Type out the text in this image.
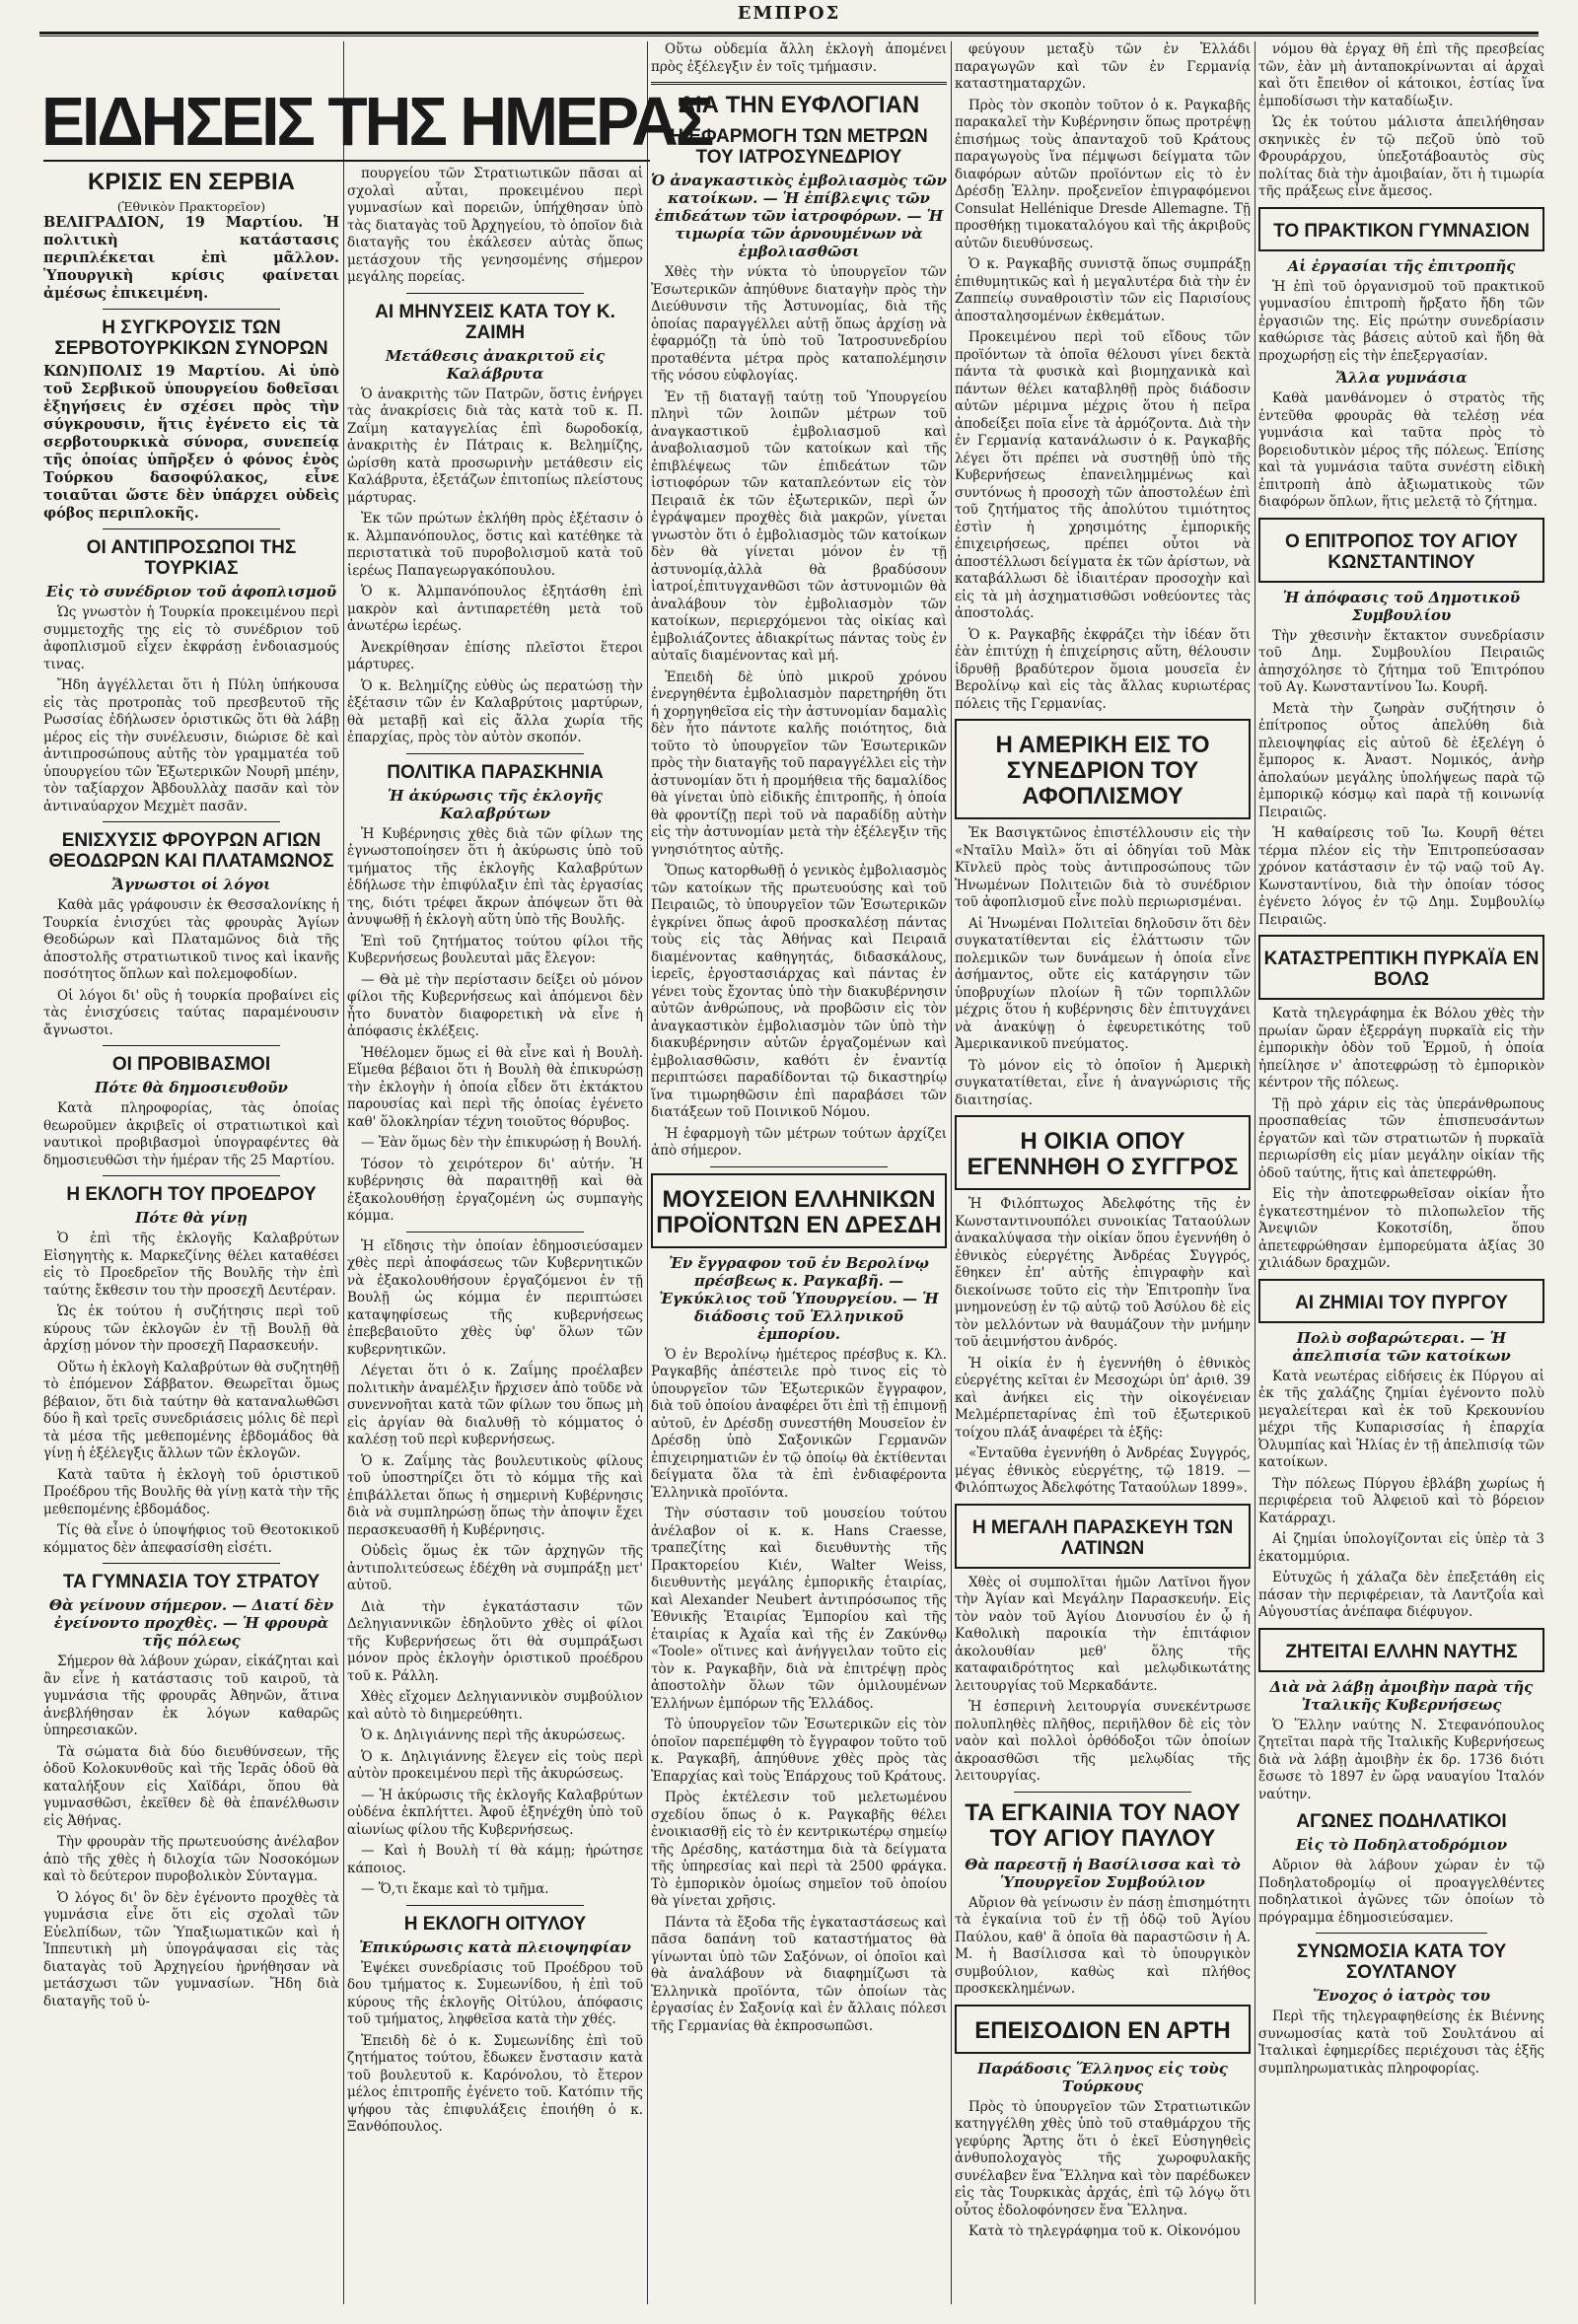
ΕΜΠΡΟΣ
ΕΙΔΗΣΕΙΣ ΤΗΣ ΗΜΕΡΑΣ
ΚΡΙΣΙΣ ΕΝ ΣΕΡΒΙΑ
(Ἐθνικὸν Πρακτορεῖον)

ΒΕΛΙΓΡΑΔΙΟΝ, 19 Μαρτίου. Ἡ πολιτικὴ κατάστασις περιπλέκεται ἐπὶ μᾶλλον. Ὑπουργικὴ κρίσις φαίνεται ἀμέσως ἐπικειμένη.

Η ΣΥΓΚΡΟΥΣΙΣ ΤΩΝ ΣΕΡΒΟΤΟΥΡΚΙΚΩΝ ΣΥΝΟΡΩΝ

ΚΩΝ)ΠΟΛΙΣ 19 Μαρτίου. Αἱ ὑπὸ τοῦ Σερβικοῦ ὑπουργείου δοθεῖσαι ἐξηγήσεις ἐν σχέσει πρὸς τὴν σύγκρουσιν, ἥτις ἐγένετο εἰς τὰ σερβοτουρκικὰ σύνορα, συνεπείᾳ τῆς ὁποίας ὑπῆρξεν ὁ φόνος ἑνὸς Τούρκου δασοφύλακος, εἶνε τοιαῦται ὥστε δὲν ὑπάρχει οὐδεὶς φόβος περιπλοκῆς.

ΟΙ ΑΝΤΙΠΡΟΣΩΠΟΙ ΤΗΣ ΤΟΥΡΚΙΑΣ
Εἰς τὸ συνέδριον τοῦ ἀφοπλισμοῦ

Ὡς γνωστὸν ἡ Τουρκία προκειμένου περὶ συμμετοχῆς της εἰς τὸ συνέδριον τοῦ ἀφοπλισμοῦ εἶχεν ἐκφράσῃ ἐνδοιασμούς τινας.

Ἤδη ἀγγέλλεται ὅτι ἡ Πύλη ὑπήκουσα εἰς τὰς προτροπὰς τοῦ πρεσβευτοῦ τῆς Ρωσσίας ἐδήλωσεν ὁριστικῶς ὅτι θὰ λάβῃ μέρος εἰς τὴν συνέλευσιν, διώρισε δὲ καὶ ἀντιπροσώπους αὐτῆς τὸν γραμματέα τοῦ ὑπουργείου τῶν Ἐξωτερικῶν Νουρῆ μπέην, τὸν ταξίαρχον Ἀβδουλλὰχ πασᾶν καὶ τὸν ἀντιναύαρχον Μεχμὲτ πασᾶν.

ΕΝΙΣΧΥΣΙΣ ΦΡΟΥΡΩΝ ΑΓΙΩΝ ΘΕΟΔΩΡΩΝ ΚΑΙ ΠΛΑΤΑΜΩΝΟΣ
Ἄγνωστοι οἱ λόγοι

Καθὰ μᾶς γράφουσιν ἐκ Θεσσαλονίκης ἡ Τουρκία ἐνισχύει τὰς φρουρὰς Ἁγίων Θεοδώρων καὶ Πλαταμῶνος διὰ τῆς ἀποστολῆς στρατιωτικοῦ τινος καὶ ἱκανῆς ποσότητος ὅπλων καὶ πολεμοφοδίων.

Οἱ λόγοι δι' οὓς ἡ τουρκία προβαίνει εἰς τὰς ἐνισχύσεις ταύτας παραμένουσιν ἄγνωστοι.

ΟΙ ΠΡΟΒΙΒΑΣΜΟΙ
Πότε θὰ δημοσιευθοῦν

Κατὰ πληροφορίας, τὰς ὁποίας θεωροῦμεν ἀκριβεῖς οἱ στρατιωτικοὶ καὶ ναυτικοὶ προβιβασμοὶ ὑπογραφέντες θὰ δημοσιευθῶσι τὴν ἡμέραν τῆς 25 Μαρτίου.

Η ΕΚΛΟΓΗ ΤΟΥ ΠΡΟΕΔΡΟΥ
Πότε θὰ γίνῃ

Ὁ ἐπὶ τῆς ἐκλογῆς Καλαβρύτων Εἰσηγητὴς κ. Μαρκεζίνης θέλει καταθέσει εἰς τὸ Προεδρεῖον τῆς Βουλῆς τὴν ἐπὶ ταύτης ἔκθεσιν του τὴν προσεχῆ Δευτέραν.

Ὡς ἐκ τούτου ἡ συζήτησις περὶ τοῦ κύρους τῶν ἐκλογῶν ἐν τῇ Βουλῇ θὰ ἀρχίσῃ μόνον τὴν προσεχῆ Παρασκευήν.

Οὕτω ἡ ἐκλογὴ Καλαβρύτων θὰ συζητηθῇ τὸ ἐπόμενον Σάββατον. Θεωρεῖται ὅμως βέβαιον, ὅτι διὰ ταύτην θὰ καταναλωθῶσι δύο ἢ καὶ τρεῖς συνεδριάσεις μόλις δὲ περὶ τὰ μέσα τῆς μεθεπομένης ἑβδομάδος θὰ γίνῃ ἡ ἐξέλεγξις ἄλλων τῶν ἐκλογῶν.

Κατὰ ταῦτα ἡ ἐκλογὴ τοῦ ὁριστικοῦ Προέδρου τῆς Βουλῆς θὰ γίνῃ κατὰ τὴν τῆς μεθεπομένης ἑβδομάδος.

Τίς θὰ εἶνε ὁ ὑποψήφιος τοῦ Θεοτοκικοῦ κόμματος δὲν ἀπεφασίσθη εἰσέτι.

ΤΑ ΓΥΜΝΑΣΙΑ ΤΟΥ ΣΤΡΑΤΟΥ
Θὰ γείνουν σήμερον. — Διατί δὲν ἐγείνοντο προχθὲς. — Ἡ φρουρὰ τῆς πόλεως

Σήμερον θὰ λάβουν χώραν, εἰκάζηται καὶ ἂν εἶνε ἡ κατάστασις τοῦ καιροῦ, τὰ γυμνάσια τῆς φρουρᾶς Ἀθηνῶν, ἅτινα ἀνεβλήθησαν ἐκ λόγων καθαρῶς ὑπηρεσιακῶν.

Τὰ σώματα διὰ δύο διευθύνσεων, τῆς ὁδοῦ Κολοκυνθοῦς καὶ τῆς Ἱερᾶς ὁδοῦ θὰ καταλήξουν εἰς Χαϊδάρι, ὅπου θὰ γυμνασθῶσι, ἐκεῖθεν δὲ θὰ ἐπανέλθωσιν εἰς Ἀθήνας.

Τὴν φρουρὰν τῆς πρωτευούσης ἀνέλαβον ἀπὸ τῆς χθὲς ἡ διλοχία τῶν Νοσοκόμων καὶ τὸ δεύτερον πυροβολικὸν Σύνταγμα.

Ὁ λόγος δι' ὃν δὲν ἐγένοντο προχθὲς τὰ γυμνάσια εἶνε ὅτι εἰς σχολαὶ τῶν Εὐελπίδων, τῶν Ὑπαξιωματικῶν καὶ ἡ Ἱππευτικὴ μὴ ὑπογράψασαι εἰς τὰς διαταγὰς τοῦ Ἀρχηγείου ἠρνήθησαν νὰ μετάσχωσι τῶν γυμνασίων. Ἤδη διὰ διαταγῆς τοῦ ὑ-

πουργείου τῶν Στρατιωτικῶν πᾶσαι αἱ σχολαὶ αὗται, προκειμένου περὶ γυμνασίων καὶ πορειῶν, ὑπήχθησαν ὑπὸ τὰς διαταγὰς τοῦ Ἀρχηγείου, τὸ ὁποῖον διὰ διαταγῆς του ἐκάλεσεν αὐτὰς ὅπως μετάσχουν τῆς γενησομένης σήμερον μεγάλης πορείας.

ΑΙ ΜΗΝΥΣΕΙΣ ΚΑΤΑ ΤΟΥ Κ. ΖΑΙΜΗ
Μετάθεσις ἀνακριτοῦ εἰς Καλάβρυτα

Ὁ ἀνακριτὴς τῶν Πατρῶν, ὅστις ἐνήργει τὰς ἀνακρίσεις διὰ τὰς κατὰ τοῦ κ. Π. Ζαΐμη καταγγελίας ἐπὶ δωροδοκίᾳ, ἀνακριτὴς ἐν Πάτραις κ. Βελημίζης, ὡρίσθη κατὰ προσωρινὴν μετάθεσιν εἰς Καλάβρυτα, ἐξετάζων ἐπιτοπίως πλείστους μάρτυρας.

Ἐκ τῶν πρώτων ἐκλήθη πρὸς ἐξέτασιν ὁ κ. Ἀλμπανόπουλος, ὅστις καὶ κατέθηκε τὰ περιστατικὰ τοῦ πυροβολισμοῦ κατὰ τοῦ ἱερέως Παπαγεωργακόπουλου.

Ὁ κ. Ἀλμπανόπουλος ἐξητάσθη ἐπὶ μακρὸν καὶ ἀντιπαρετέθη μετὰ τοῦ ἀνωτέρω ἱερέως.

Ἀνεκρίθησαν ἐπίσης πλεῖστοι ἕτεροι μάρτυρες.

Ὁ κ. Βελημίζης εὐθὺς ὡς περατώσῃ τὴν ἐξέτασιν τῶν ἐν Καλαβρύτοις μαρτύρων, θὰ μεταβῇ καὶ εἰς ἄλλα χωρία τῆς ἐπαρχίας, πρὸς τὸν αὐτὸν σκοπόν.

ΠΟΛΙΤΙΚΑ ΠΑΡΑΣΚΗΝΙΑ
Ἡ ἀκύρωσις τῆς ἐκλογῆς Καλαβρύτων

Ἡ Κυβέρνησις χθὲς διὰ τῶν φίλων της ἐγνωστοποίησεν ὅτι ἡ ἀκύρωσις ὑπὸ τοῦ τμήματος τῆς ἐκλογῆς Καλαβρύτων ἐδήλωσε τὴν ἐπιφύλαξιν ἐπὶ τὰς ἐργασίας της, διότι τρέφει ἄκρων ἀπόψεων ὅτι θὰ ἀνυψωθῇ ἡ ἐκλογὴ αὕτη ὑπὸ τῆς Βουλῆς.

Ἐπὶ τοῦ ζητήματος τούτου φίλοι τῆς Κυβερνήσεως βουλευταὶ μᾶς ἔλεγον:

— Θὰ μὲ τὴν περίστασιν δείξει οὐ μόνον φίλοι τῆς Κυβερνήσεως καὶ ἀπόμενοι δὲν ἦτο δυνατὸν διαφορετικὴ νὰ εἶνε ἡ ἀπόφασις ἐκλέξεις.

Ἠθέλομεν ὅμως εἰ θὰ εἶνε καὶ ἡ Βουλὴ. Εἴμεθα βέβαιοι ὅτι ἡ Βουλὴ θὰ ἐπικυρώσῃ τὴν ἐκλογὴν ἡ ὁποία εἶδεν ὅτι ἐκτάκτου παρουσίας καὶ περὶ τῆς ὁποίας ἐγένετο καθ' ὅλοκληρίαν τέχνη τοιοῦτος θόρυβος.

— Ἐὰν ὅμως δὲν τὴν ἐπικυρώσῃ ἡ Βουλή.

Τόσον τὸ χειρότερον δι' αὐτήν. Ἡ κυβέρνησις θὰ παραιτηθῇ καὶ θὰ ἐξακολουθήσῃ ἐργαζομένη ὡς συμπαγὴς κόμμα.

Ἡ εἴδησις τὴν ὁποίαν ἐδημοσιεύσαμεν χθὲς περὶ ἀποφάσεως τῶν Κυβερνητικῶν νὰ ἐξακολουθήσουν ἐργαζόμενοι ἐν τῇ Βουλῇ ὡς κόμμα ἐν περιπτώσει καταψηφίσεως τῆς κυβερνήσεως ἐπεβεβαιοῦτο χθὲς ὑφ' ὅλων τῶν κυβερνητικῶν.

Λέγεται ὅτι ὁ κ. Ζαΐμης προέλαβεν πολιτικὴν ἀναμέλξιν ἤρχισεν ἀπὸ τοῦδε νὰ συνεννοῆται κατὰ τῶν φίλων του ὅπως μὴ εἰς ἀργίαν θὰ διαλυθῇ τὸ κόμματος ὁ καλέσῃ τοῦ περὶ κυβερνήσεως.

Ὁ κ. Ζαΐμης τὰς βουλευτικοὺς φίλους τοῦ ὑποστηρίζει ὅτι τὸ κόμμα τῆς καὶ ἐπιβάλλεται ὅπως ἡ σημερινὴ Κυβέρνησις διὰ νὰ συμπληρώσῃ ὅπως τὴν ἀποψιν ἔχει περασκευασθῆ ἡ Κυβέρνησις.

Οὐδεὶς ὅμως ἐκ τῶν ἀρχηγῶν τῆς ἀντιπολιτεύσεως ἐδέχθη νὰ συμπράξῃ μετ' αὐτοῦ.

Διὰ τὴν ἐγκατάστασιν τῶν Δεληγιαννικῶν ἐδηλοῦντο χθὲς οἱ φίλοι τῆς Κυβερνήσεως ὅτι θὰ συμπράξωσι μόνον πρὸς ἐκλογὴν ὁριστικοῦ προέδρου τοῦ κ. Ράλλη.

Χθὲς εἴχομεν Δεληγιαννικὸν συμβούλιον καὶ αὐτὸ τὸ διημερεύθητι.

Ὁ κ. Δηλιγιάννης περὶ τῆς ἀκυρώσεως.

Ὁ κ. Δηλιγιάννης ἔλεγεν εἰς τοὺς περὶ αὐτὸν προκειμένου περὶ τῆς ἀκυρώσεως.

— Ἡ ἀκύρωσις τῆς ἐκλογῆς Καλαβρύτων οὐδένα ἐκπλήττει. Ἀφοῦ ἐξηνέχθη ὑπὸ τοῦ αἰωνίως φίλου τῆς Κυβερνήσεως.

— Καὶ ἡ Βουλὴ τί θὰ κάμῃ; ἠρώτησε κάποιος.

— Ὅ,τι ἔκαμε καὶ τὸ τμῆμα.

Η ΕΚΛΟΓΗ ΟΙΤΥΛΟΥ
Ἐπικύρωσις κατὰ πλειοψηφίαν

Ἐψέκει συνεδρίασις τοῦ Προέδρου τοῦ δου τμήματος κ. Συμεωνίδου, ἡ ἐπὶ τοῦ κύρους τῆς ἐκλογῆς Οἰτύλου, ἀπόφασις τοῦ τμήματος, ληφθεῖσα κατὰ τὴν χθές.

Ἐπειδὴ δὲ ὁ κ. Συμεωνίδης ἐπὶ τοῦ ζητήματος τούτου, ἔδωκεν ἔνστασιν κατὰ τοῦ βουλευτοῦ κ. Καρόνολου, τὸ ἔτερον μέλος ἐπιτροπῆς ἐγένετο τοῦ. Κατόπιν τῆς ψήφου τὰς ἐπιφυλάξεις ἐποιήθη ὁ κ. Ξανθόπουλος.

Οὕτω οὐδεμία ἄλλη ἐκλογὴ ἀπομένει πρὸς ἐξέλεγξιν ἐν τοῖς τμήμασιν.

ΔΙΑ ΤΗΝ ΕΥΦΛΟΓΙΑΝ
Η ΕΦΑΡΜΟΓΗ ΤΩΝ ΜΕΤΡΩΝ ΤΟΥ ΙΑΤΡΟΣΥΝΕΔΡΙΟΥ
Ὁ ἀναγκαστικὸς ἐμβολιασμὸς τῶν κατοίκων. — Ἡ ἐπίβλεψις τῶν ἐπιδεάτων τῶν ἰατροφόρων. — Ἡ τιμωρία τῶν ἀρνουμένων νὰ ἐμβολιασθῶσι

Χθὲς τὴν νύκτα τὸ ὑπουργεῖον τῶν Ἐσωτερικῶν ἀπηύθυνε διαταγὴν πρὸς τὴν Διεύθυνσιν τῆς Ἀστυνομίας, διὰ τῆς ὁποίας παραγγέλλει αὐτῇ ὅπως ἀρχίσῃ νὰ ἐφαρμόζῃ τὰ ὑπὸ τοῦ Ἰατροσυνεδρίου προταθέντα μέτρα πρὸς καταπολέμησιν τῆς νόσου εὐφλογίας.

Ἐν τῇ διαταγῇ ταύτῃ τοῦ Ὑπουργείου πληνὶ τῶν λοιπῶν μέτρων τοῦ ἀναγκαστικοῦ ἐμβολιασμοῦ καὶ ἀναβολιασμοῦ τῶν κατοίκων καὶ τῆς ἐπιβλέψεως τῶν ἐπιδεάτων τῶν ἰστιοφόρων τῶν καταπλεόντων εἰς τὸν Πειραιᾶ ἐκ τῶν ἐξωτερικῶν, περὶ ὧν ἐγράψαμεν προχθὲς διὰ μακρῶν, γίνεται γνωστὸν ὅτι ὁ ἐμβολιασμὸς τῶν κατοίκων δὲν θὰ γίνεται μόνον ἐν τῇ ἀστυνομίᾳ,ἀλλὰ θὰ βραδύσουν ἰατροί,ἐπιτυγχανθῶσι τῶν ἀστυνομιῶν θὰ ἀναλάβουν τὸν ἐμβολιασμὸν τῶν κατοίκων, περιερχόμενοι τὰς οἰκίας καὶ ἐμβολιάζοντες ἀδιακρίτως πάντας τοὺς ἐν αὐταῖς διαμένοντας καὶ μή.

Ἐπειδὴ δὲ ὑπὸ μικροῦ χρόνου ἐνεργηθέντα ἐμβολιασμὸν παρετηρήθη ὅτι ἡ χορηγηθεῖσα εἰς τὴν ἀστυνομίαν δαμαλὶς δὲν ἦτο πάντοτε καλῆς ποιότητος, διὰ τοῦτο τὸ ὑπουργεῖον τῶν Ἐσωτερικῶν πρὸς τὴν διαταγῆς τοῦ παραγγέλλει εἰς τὴν ἀστυνομίαν ὅτι ἡ προμήθεια τῆς δαμαλίδος θὰ γίνεται ὑπὸ εἰδικῆς ἐπιτροπῆς, ἡ ὁποία θὰ φροντίζῃ περὶ τοῦ νὰ παραδίδῃ αὐτὴν εἰς τὴν ἀστυνομίαν μετὰ τὴν ἐξέλεγξιν τῆς γνησιότητος αὐτῆς.

Ὅπως κατορθωθῇ ὁ γενικὸς ἐμβολιασμὸς τῶν κατοίκων τῆς πρωτευούσης καὶ τοῦ Πειραιῶς, τὸ ὑπουργεῖον τῶν Ἐσωτερικῶν ἐγκρίνει ὅπως ἀφοῦ προσκαλέσῃ πάντας τοὺς εἰς τὰς Ἀθήνας καὶ Πειραιᾶ διαμένοντας καθηγητάς, διδασκάλους, ἱερεῖς, ἐργοστασιάρχας καὶ πάντας ἐν γένει τοὺς ἔχοντας ὑπὸ τὴν διακυβέρνησιν αὐτῶν ἀνθρώπους, νὰ προβῶσιν εἰς τὸν ἀναγκαστικὸν ἐμβολιασμὸν τῶν ὑπὸ τὴν διακυβέρνησιν αὐτῶν ἐργαζομένων καὶ ἐμβολιασθῶσιν, καθότι ἐν ἐναντίᾳ περιπτώσει παραδίδονται τῷ δικαστηρίῳ ἵνα τιμωρηθῶσιν ἐπὶ παραβάσει τῶν διατάξεων τοῦ Ποινικοῦ Νόμου.

Ἡ ἐφαρμογὴ τῶν μέτρων τούτων ἀρχίζει ἀπὸ σήμερον.

ΜΟΥΣΕΙΟΝ ΕΛΛΗΝΙΚΩΝ ΠΡΟΪΟΝΤΩΝ ΕΝ ΔΡΕΣΔΗ
Ἐν ἔγγραφον τοῦ ἐν Βερολίνῳ πρέσβεως κ. Ραγκαβῆ. — Ἐγκύκλιος τοῦ Ὑπουργείου. — Ἡ διάδοσις τοῦ Ἑλληνικοῦ ἐμπορίου.

Ὁ ἐν Βερολίνῳ ἡμέτερος πρέσβυς κ. Κλ. Ραγκαβῆς ἀπέστειλε πρὸ τινος εἰς τὸ ὑπουργεῖον τῶν Ἐξωτερικῶν ἔγγραφον, διὰ τοῦ ὁποίου ἀναφέρει ὅτι ἐπὶ τῇ ἐπιμονῇ αὐτοῦ, ἐν Δρέσδῃ συνεστήθη Μουσεῖον ἐν Δρέσδῃ ὑπὸ Σαξονικῶν Γερμανῶν ἐπιχειρηματιῶν ἐν τῷ ὁποίῳ θὰ ἐκτίθενται δείγματα ὅλα τὰ ἐπὶ ἐνδιαφέροντα Ἑλληνικὰ προϊόντα.

Τὴν σύστασιν τοῦ μουσείου τούτου ἀνέλαβον οἱ κ. κ. Hans Craesse, τραπεζίτης καὶ διευθυντὴς τῆς Πρακτορείου Κιέν, Walter Weiss, διευθυντὴς μεγάλης ἐμπορικῆς ἑταιρίας, καὶ Alexander Neubert ἀντιπρόσωπος τῆς Ἐθνικῆς Ἑταιρίας Ἐμπορίου καὶ τῆς ἑταιρίας κ Ἀχαΐα καὶ τῆς ἐν Ζακύνθῳ «Toole» οἵτινες καὶ ἀνήγγειλαν τοῦτο εἰς τὸν κ. Ραγκαβῆν, διὰ νὰ ἐπιτρέψῃ πρὸς ἀποστολὴν ὅλων τῶν ὁμιλουμένων Ἑλλήνων ἐμπόρων τῆς Ἑλλάδος.

Τὸ ὑπουργεῖον τῶν Ἐσωτερικῶν εἰς τὸν ὁποῖον παρεπέμφθη τὸ ἔγγραφον τοῦτο τοῦ κ. Ραγκαβῆ, ἀπηύθυνε χθὲς πρὸς τὰς Ἐπαρχίας καὶ τοὺς Ἐπάρχους τοῦ Κράτους.

Πρὸς ἐκτέλεσιν τοῦ μελετωμένου σχεδίου ὅπως ὁ κ. Ραγκαβῆς θέλει ἐνοικιασθῇ εἰς τὸ ἐν κεντρικωτέρῳ σημείῳ τῆς Δρέσδης, κατάστημα διὰ τὰ δείγματα τῆς ὑπηρεσίας καὶ περὶ τὰ 2500 φράγκα. Τὸ ἐμπορικὸν ὁμοίως σημεῖον τοῦ ὁποίου θὰ γίνεται χρῆσις.

Πάντα τὰ ἔξοδα τῆς ἐγκαταστάσεως καὶ πᾶσα δαπάνη τοῦ καταστήματος θὰ γίνωνται ὑπὸ τῶν Σαξόνων, οἱ ὁποῖοι καὶ θὰ ἀναλάβουν νὰ διαφημίζωσι τὰ Ἑλληνικὰ προϊόντα, τῶν ὁποίων τὰς ἐργασίας ἐν Σαξονίᾳ καὶ ἐν ἄλλαις πόλεσι τῆς Γερμανίας θὰ ἐκπροσωπῶσι.

φεύγουν μεταξὺ τῶν ἐν Ἑλλάδι παραγωγῶν καὶ τῶν ἐν Γερμανίᾳ καταστηματαρχῶν.

Πρὸς τὸν σκοπὸν τοῦτον ὁ κ. Ραγκαβῆς παρακαλεῖ τὴν Κυβέρνησιν ὅπως προτρέψῃ ἐπισήμως τοὺς ἀπανταχοῦ τοῦ Κράτους παραγωγοὺς ἵνα πέμψωσι δείγματα τῶν διαφόρων αὐτῶν προϊόντων εἰς τὸ ἐν Δρέσδῃ Ἑλλην. προξενεῖον ἐπιγραφόμενοι Consulat Hellénique Dresde Allemagne. Τῇ προσθήκῃ τιμοκαταλόγου καὶ τῆς ἀκριβοῦς αὐτῶν διευθύνσεως.

Ὁ κ. Ραγκαβῆς συνιστᾷ ὅπως συμπράξῃ ἐπιθυμητικῶς καὶ ἡ μεγαλυτέρα διὰ τὴν ἐν Ζαππείῳ συναθροιστὶν τῶν εἰς Παρισίους ἀποσταλησομένων ἐκθεμάτων.

Προκειμένου περὶ τοῦ εἴδους τῶν προϊόντων τὰ ὁποῖα θέλουσι γίνει δεκτὰ πάντα τὰ φυσικὰ καὶ βιομηχανικὰ καὶ πάντων θέλει καταβληθῇ πρὸς διάδοσιν αὐτῶν μέριμνα μέχρις ὅτου ἡ πεῖρα ἀποδείξει ποῖα εἶνε τὰ ἁρμόζοντα. Διὰ τὴν ἐν Γερμανίᾳ κατανάλωσιν ὁ κ. Ραγκαβῆς λέγει ὅτι πρέπει νὰ συστηθῇ ὑπὸ τῆς Κυβερνήσεως ἐπανειλημμένως καὶ συντόνως ἡ προσοχὴ τῶν ἀποστολέων ἐπὶ τοῦ ζητήματος τῆς ἀπολύτου τιμιότητος ἐστὶν ἡ χρησιμότης ἐμπορικῆς ἐπιχειρήσεως, πρέπει οὗτοι νὰ ἀποστέλλωσι δείγματα ἐκ τῶν ἀρίστων, νὰ καταβάλλωσι δὲ ἰδιαιτέραν προσοχὴν καὶ εἰς τὰ μὴ ἀσχηματισθῶσι νοθεύοντες τὰς ἀποστολάς.

Ὁ κ. Ραγκαβῆς ἐκφράζει τὴν ἰδέαν ὅτι ἐὰν ἐπιτύχῃ ἡ ἐπιχείρησις αὕτη, θέλουσιν ἱδρυθῇ βραδύτερον ὅμοια μουσεῖα ἐν Βερολίνῳ καὶ εἰς τὰς ἄλλας κυριωτέρας πόλεις τῆς Γερμανίας.

Η ΑΜΕΡΙΚΗ ΕΙΣ ΤΟ ΣΥΝΕΔΡΙΟΝ ΤΟΥ ΑΦΟΠΛΙΣΜΟΥ

Ἐκ Βασιγκτῶνος ἐπιστέλλουσιν εἰς τὴν «Νταῖλυ Μαὶλ» ὅτι αἱ ὁδηγίαι τοῦ Μὰκ Κῖνλεϋ πρὸς τοὺς ἀντιπροσώπους τῶν Ἡνωμένων Πολιτειῶν διὰ τὸ συνέδριον τοῦ ἀφοπλισμοῦ εἶνε πολὺ περιωρισμέναι.

Αἱ Ἡνωμέναι Πολιτεῖαι δηλοῦσιν ὅτι δὲν συγκατατίθενται εἰς ἐλάττωσιν τῶν πολεμικῶν των δυνάμεων ἡ ὁποία εἶνε ἀσήμαντος, οὔτε εἰς κατάργησιν τῶν ὑποβρυχίων πλοίων ἢ τῶν τορπιλλῶν μέχρις ὅτου ἡ κυβέρνησις δὲν ἐπιτυγχάνει νὰ ἀνακύψῃ ὁ ἐφευρετικότης τοῦ Ἀμερικανικοῦ πνεύματος.

Τὸ μόνον εἰς τὸ ὁποῖον ἡ Ἀμερικὴ συγκατατίθεται, εἶνε ἡ ἀναγνώρισις τῆς διαιτησίας.

Η ΟΙΚΙΑ ΟΠΟΥ ΕΓΕΝΝΗΘΗ Ο ΣΥΓΓΡΟΣ

Ἡ Φιλόπτωχος Ἀδελφότης τῆς ἐν Κωνσταντινουπόλει συνοικίας Ταταούλων ἀνακαλύψασα τὴν οἰκίαν ὅπου ἐγεννήθη ὁ ἐθνικὸς εὐεργέτης Ἀνδρέας Συγγρός, ἔθηκεν ἐπ' αὐτῆς ἐπιγραφὴν καὶ διεκοίνωσε τοῦτο εἰς τὴν Ἐπιτροπὴν ἵνα μνημονεύσῃ ἐν τῷ αὐτῷ τοῦ Ἀσύλου δὲ εἰς τὸν μελλόντων νὰ θαυμάζουν τὴν μνήμην τοῦ ἀειμνήστου ἀνδρός.

Ἡ οἰκία ἐν ἡ ἐγεννήθη ὁ ἐθνικὸς εὐεργέτης κεῖται ἐν Μεσοχώρι ὑπ' ἀριθ. 39 καὶ ἀνήκει εἰς τὴν οἰκογένειαν Μελμέρπεταρίνας ἐπὶ τοῦ ἐξωτερικοῦ τοίχου πλάξ ἀναφέρει τὰ ἑξῆς:

«Ἐνταῦθα ἐγεννήθη ὁ Ἀνδρέας Συγγρός, μέγας ἐθνικὸς εὐεργέτης, τῷ 1819. — Φιλόπτωχος Ἀδελφότης Ταταούλων 1899».

Η ΜΕΓΑΛΗ ΠΑΡΑΣΚΕΥΗ ΤΩΝ ΛΑΤΙΝΩΝ

Χθὲς οἱ συμπολῖται ἡμῶν Λατῖνοι ἤγον τὴν Ἁγίαν καὶ Μεγάλην Παρασκευήν. Εἰς τὸν ναὸν τοῦ Ἁγίου Διονυσίου ἐν ᾧ ἡ Καθολικὴ παροικία τὴν ἐπιτάφιον ἀκολουθίαν μεθ' ὅλης τῆς καταφαιδρότητος καὶ μελῳδικωτάτης λειτουργίας τοῦ Μερκαδάντε.

Ἡ ἑσπερινὴ λειτουργία συνεκέντρωσε πολυπληθὲς πλῆθος, περιῆλθον δὲ εἰς τὸν ναὸν καὶ πολλοὶ ὀρθόδοξοι τῶν ὁποίων ἀκροασθῶσι τῆς μελῳδίας τῆς λειτουργίας.

ΤΑ ΕΓΚΑΙΝΙΑ ΤΟΥ ΝΑΟΥ ΤΟΥ ΑΓΙΟΥ ΠΑΥΛΟΥ
Θὰ παρεστῇ ἡ Βασίλισσα καὶ τὸ Ὑπουργεῖον Συμβούλιον

Αὔριον θὰ γείνωσιν ἐν πάσῃ ἐπισημότητι τὰ ἐγκαίνια τοῦ ἐν τῇ ὁδῷ τοῦ Ἁγίου Παύλου, καθ' ἃ ὁποῖα θὰ παραστῶσιν ἡ Α. Μ. ἡ Βασίλισσα καὶ τὸ ὑπουργικὸν συμβούλιον, καθὼς καὶ πλήθος προσκεκλημένων.

ΕΠΕΙΣΟΔΙΟΝ ΕΝ ΑΡΤΗ
Παράδοσις Ἕλληνος εἰς τοὺς Τούρκους

Πρὸς τὸ ὑπουργεῖον τῶν Στρατιωτικῶν κατηγγέλθη χθὲς ὑπὸ τοῦ σταθμάρχου τῆς γεφύρης Ἄρτης ὅτι ὁ ἐκεῖ Εὐσηγηθεὶς ἀνθυπολοχαγὸς τῆς χωροφυλακῆς συνέλαβεν ἕνα Ἕλληνα καὶ τὸν παρέδωκεν εἰς τὰς Τουρκικὰς ἀρχάς, ἐπὶ τῷ λόγῳ ὅτι οὗτος ἐδολοφόνησεν ἕνα Ἕλληνα.

Κατὰ τὸ τηλεγράφημα τοῦ κ. Οἰκονόμου

νόμου θὰ ἐργαχ θῆ ἐπὶ τῆς πρεσβείας τῶν, ἐὰν μὴ ἀνταποκρίνωνται αἱ ἀρχαὶ καὶ ὅτι ἔπειθον οἱ κάτοικοι, ἑστίας ἵνα ἐμποδίσωσι τὴν καταδίωξιν.

Ὡς ἐκ τούτου μάλιστα ἀπειλήθησαν σκηνικὲς ἐν τῷ πεζοῦ ὑπὸ τοῦ Φρουράρχου, ὑπεξοτάβοαυτὸς σὺς πολίτας διὰ τὴν ἀμοιβαίαν, ὅτι ἡ τιμωρία τῆς πράξεως εἶνε ἄμεσος.

ΤΟ ΠΡΑΚΤΙΚΟΝ ΓΥΜΝΑΣΙΟΝ
Αἱ ἐργασίαι τῆς ἐπιτροπῆς

Ἡ ἐπὶ τοῦ ὀργανισμοῦ τοῦ πρακτικοῦ γυμνασίου ἐπιτροπὴ ἤρξατο ἤδη τῶν ἐργασιῶν της. Εἰς πρώτην συνεδρίασιν καθώρισε τὰς βάσεις αὐτοῦ καὶ ἤδη θὰ προχωρήσῃ εἰς τὴν ἐπεξεργασίαν.

Ἄλλα γυμνάσια

Καθὰ μανθάνομεν ὁ στρατὸς τῆς ἐντεῦθα φρουρᾶς θὰ τελέσῃ νέα γυμνάσια καὶ ταῦτα πρὸς τὸ βορειοδυτικὸν μέρος τῆς πόλεως. Ἐπίσης καὶ τὰ γυμνάσια ταῦτα συνέστη εἰδικὴ ἐπιτροπὴ ἀπὸ ἀξιωματικοὺς τῶν διαφόρων ὅπλων, ἥτις μελετᾷ τὸ ζήτημα.

Ο ΕΠΙΤΡΟΠΟΣ ΤΟΥ ΑΓΙΟΥ ΚΩΝΣΤΑΝΤΙΝΟΥ
Ἡ ἀπόφασις τοῦ Δημοτικοῦ Συμβουλίου

Τὴν χθεσινὴν ἕκτακτον συνεδρίασιν τοῦ Δημ. Συμβουλίου Πειραιῶς ἀπησχόλησε τὸ ζήτημα τοῦ Ἐπιτρόπου τοῦ Αγ. Κωνσταντίνου Ἰω. Κουρῆ.

Μετὰ τὴν ζωηρὰν συζήτησιν ὁ ἐπίτροπος οὗτος ἀπελύθη διὰ πλειοψηφίας εἰς αὐτοῦ δὲ ἐξελέγη ὁ ἔμπορος κ. Ἀναστ. Νομικός, ἀνὴρ ἀπολαύων μεγάλης ὑπολήψεως παρὰ τῷ ἐμπορικῷ κόσμῳ καὶ παρὰ τῇ κοινωνίᾳ Πειραιῶς.

Ἡ καθαίρεσις τοῦ Ἰω. Κουρῆ θέτει τέρμα πλέον εἰς τὴν Ἐπιτροπεύσασαν χρόνον κατάστασιν ἐν τῷ ναῷ τοῦ Αγ. Κωνσταντίνου, διὰ τὴν ὁποίαν τόσος ἐγένετο λόγος ἐν τῷ Δημ. Συμβουλίῳ Πειραιῶς.

ΚΑΤΑΣΤΡΕΠΤΙΚΗ ΠΥΡΚΑΪΑ ΕΝ ΒΟΛΩ

Κατὰ τηλεγράφημα ἐκ Βόλου χθὲς τὴν πρωίαν ὥραν ἐξερράγη πυρκαϊὰ εἰς τὴν ἐμπορικὴν ὁδὸν τοῦ Ἑρμοῦ, ἡ ὁποία ἠπείλησε ν' ἀποτεφρώσῃ τὸ ἐμπορικὸν κέντρον τῆς πόλεως.

Τῇ πρὸ χάριν εἰς τὰς ὑπεράνθρωπους προσπαθείας τῶν ἐπισπευσάντων ἐργατῶν καὶ τῶν στρατιωτῶν ἡ πυρκαϊὰ περιωρίσθη εἰς μίαν μεγάλην οἰκίαν τῆς ὁδοῦ ταύτης, ἥτις καὶ ἀπετεφρώθη.

Εἰς τὴν ἀποτεφρωθεῖσαν οἰκίαν ἦτο ἐγκατεστημένον τὸ πιλοπωλεῖον τῆς Ἀνεψιῶν Κοκοτσίδη, ὅπου ἀπετεφρώθησαν ἐμπορεύματα ἀξίας 30 χιλιάδων δραχμῶν.

ΑΙ ΖΗΜΙΑΙ ΤΟΥ ΠΥΡΓΟΥ
Πολὺ σοβαρώτεραι. — Ἡ ἀπελπισία τῶν κατοίκων

Κατὰ νεωτέρας εἰδήσεις ἐκ Πύργου αἱ ἐκ τῆς χαλάζης ζημίαι ἐγένοντο πολὺ μεγαλείτεραι καὶ ἐκ τοῦ Κρεκουνίου μέχρι τῆς Κυπαρισσίας ἡ ἐπαρχία Ὀλυμπίας καὶ Ἠλίας ἐν τῇ ἀπελπισίᾳ τῶν κατοίκων.

Τὴν πόλεως Πύργου ἐβλάβη χωρίως ἡ περιφέρεια τοῦ Ἀλφειοῦ καὶ τὸ βόρειον Κατάρραχι.

Αἱ ζημίαι ὑπολογίζονται εἰς ὑπὲρ τὰ 3 ἑκατομμύρια.

Εὐτυχῶς ἡ χάλαζα δὲν ἐπεξετάθη εἰς πάσαν τὴν περιφέρειαν, τὰ Λαντζοΐα καὶ Αὐγουστίας ἀνέπαφα διέφυγον.

ΖΗΤΕΙΤΑΙ ΕΛΛΗΝ ΝΑΥΤΗΣ
Διὰ νὰ λάβῃ ἀμοιβὴν παρὰ τῆς Ἰταλικῆς Κυβερνήσεως

Ὁ Ἕλλην ναύτης Ν. Στεφανόπουλος ζητεῖται παρὰ τῆς Ἰταλικῆς Κυβερνήσεως διὰ νὰ λάβῃ ἀμοιβὴν ἐκ δρ. 1736 διότι ἔσωσε τὸ 1897 ἐν ὥρᾳ ναυαγίου Ἰταλόν ναύτην.

ΑΓΩΝΕΣ ΠΟΔΗΛΑΤΙΚΟΙ
Εἰς τὸ Ποδηλατοδρόμιον

Αὔριον θὰ λάβουν χώραν ἐν τῷ Ποδηλατοδρομίῳ οἱ προαγγελθέντες ποδηλατικοὶ ἀγῶνες τῶν ὁποίων τὸ πρόγραμμα ἐδημοσιεύσαμεν.

ΣΥΝΩΜΟΣΙΑ ΚΑΤΑ ΤΟΥ ΣΟΥΛΤΑΝΟΥ
Ἔνοχος ὁ ἰατρὸς του

Περὶ τῆς τηλεγραφηθείσης ἐκ Βιέννης συνωμοσίας κατὰ τοῦ Σουλτάνου αἱ Ἰταλικαὶ ἐφημερίδες περιέχουσι τὰς ἑξῆς συμπληρωματικὰς πληροφορίας.
